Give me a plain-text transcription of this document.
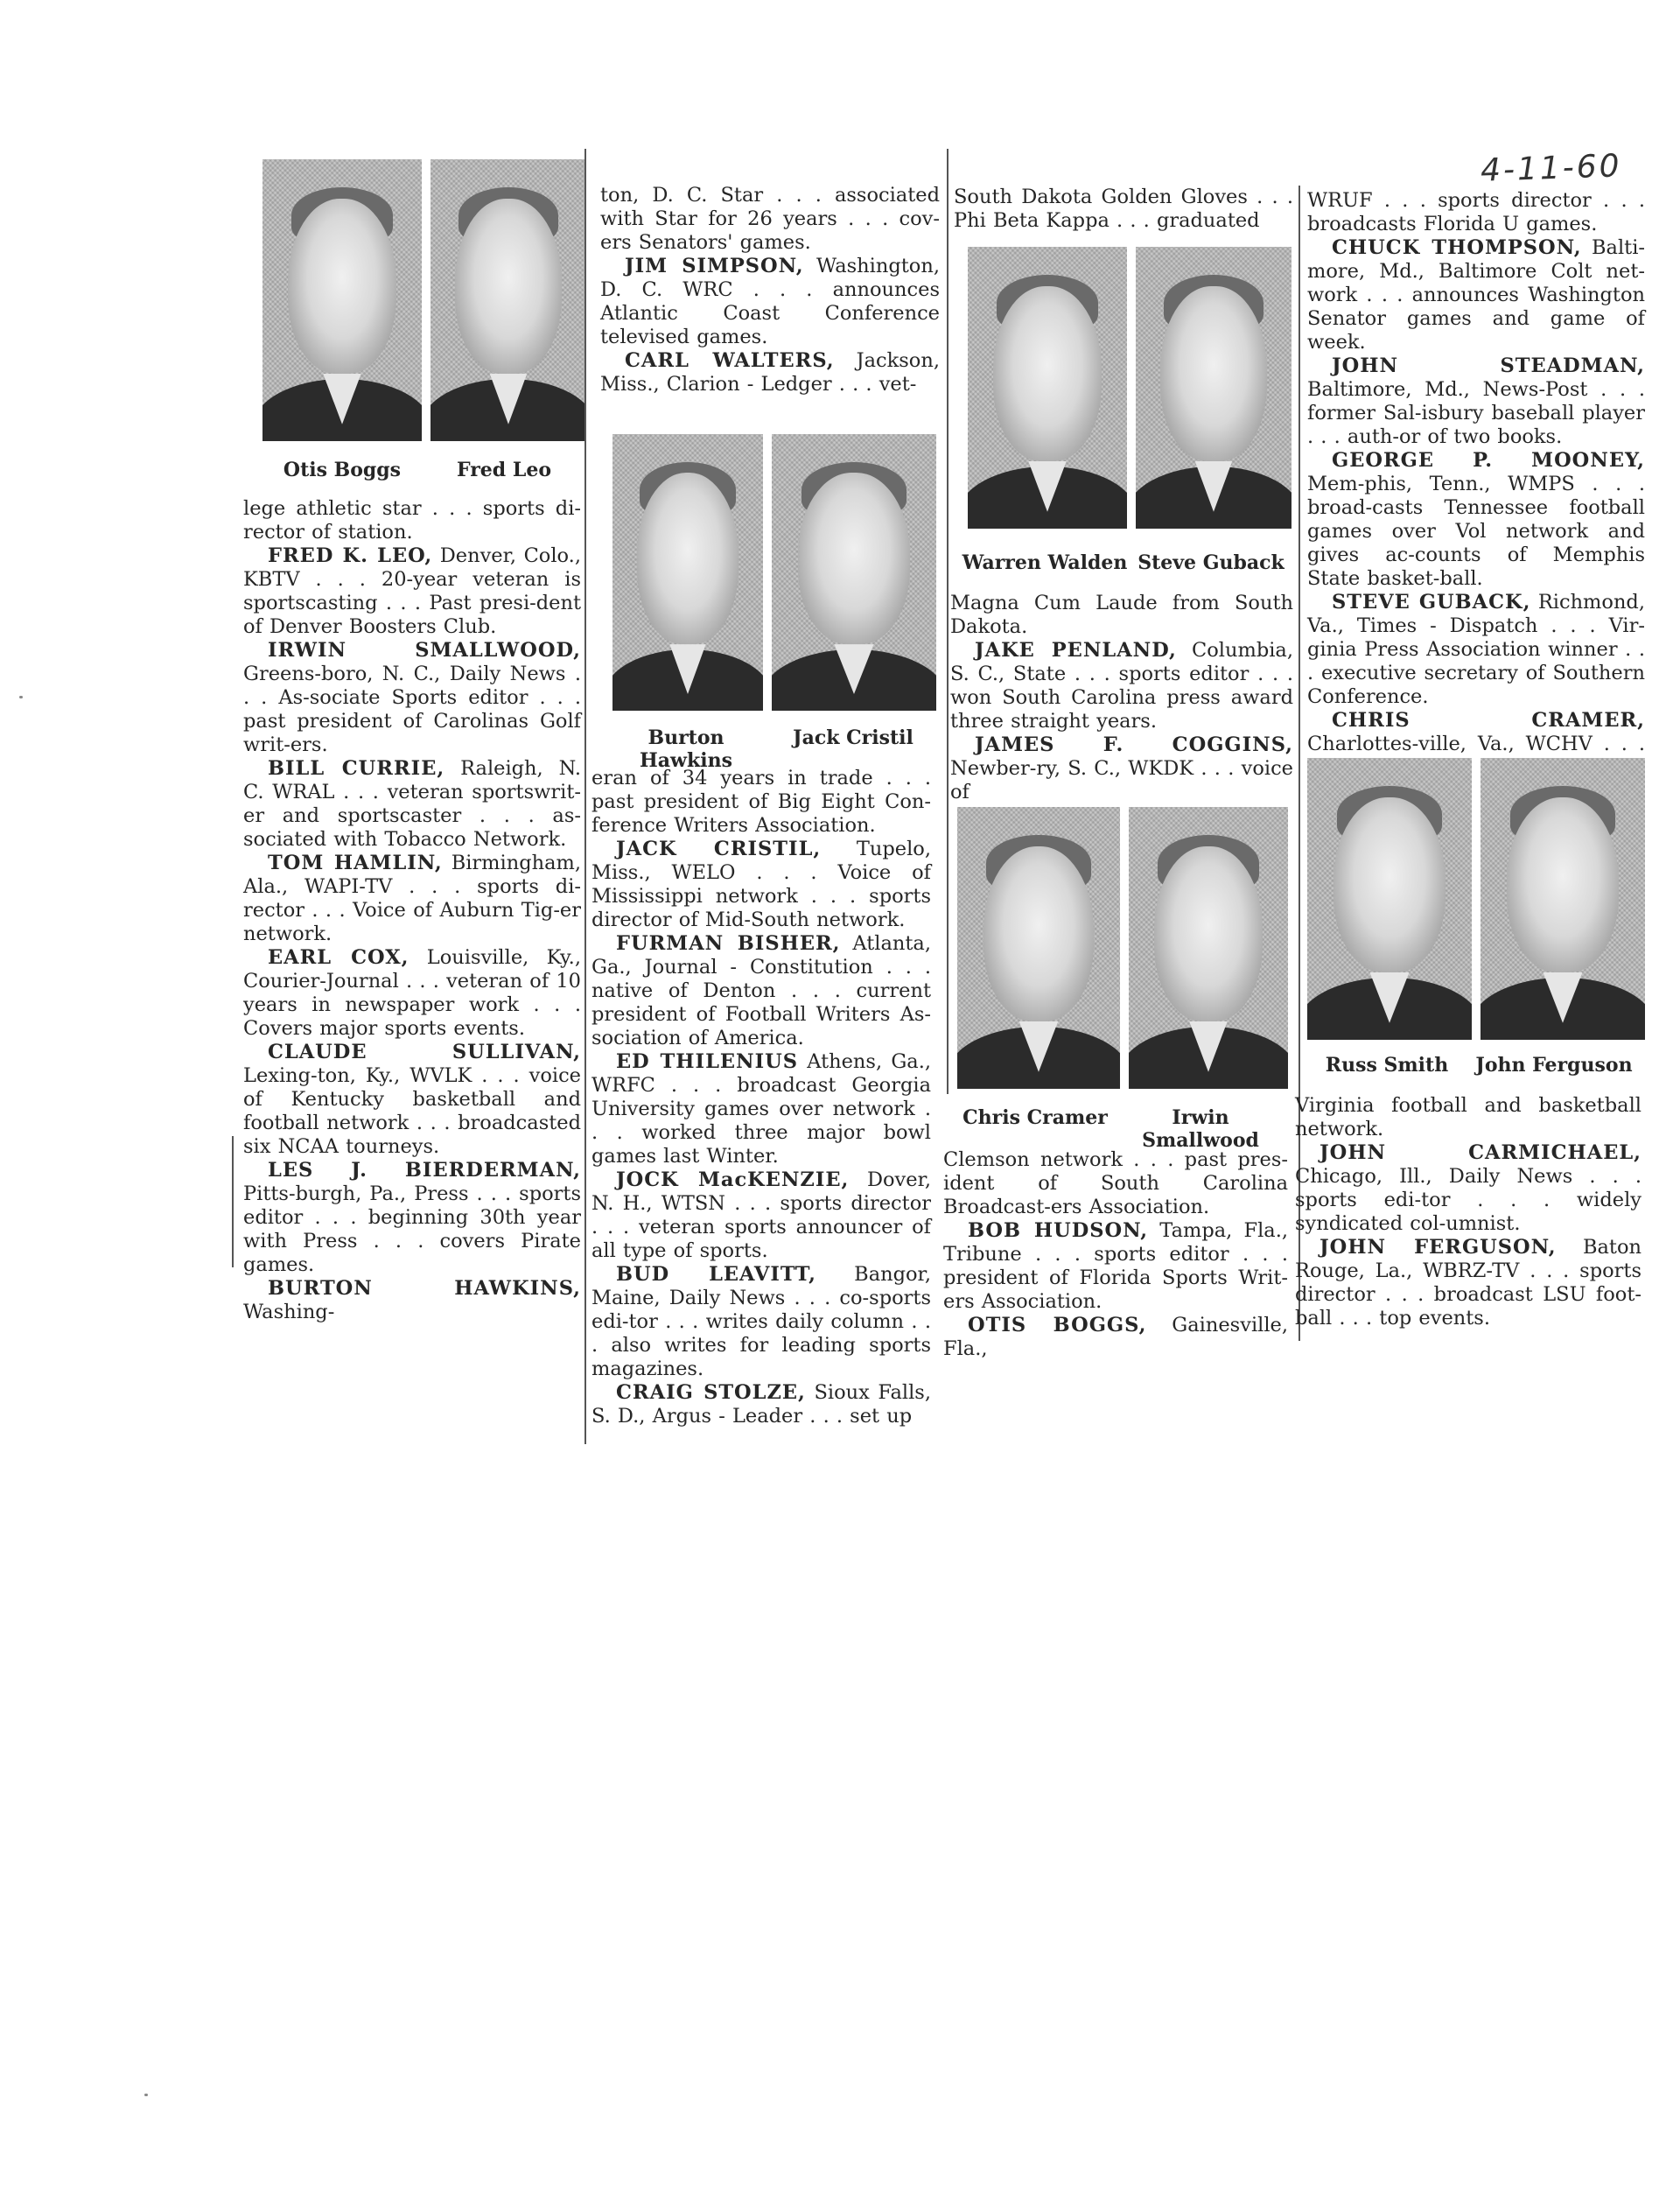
4-11-60
Otis Boggs	Fred Leo

lege athletic star . . . sports di-rector of station.

FRED K. LEO, Denver, Colo., KBTV . . . 20-year veteran is sportscasting . . . Past presi-dent of Denver Boosters Club.

IRWIN SMALLWOOD, Greens-boro, N. C., Daily News . . . As-sociate Sports editor . . . past president of Carolinas Golf writ-ers.

BILL CURRIE, Raleigh, N. C. WRAL . . . veteran sportswrit-er and sportscaster . . . as-sociated with Tobacco Network.

TOM HAMLIN, Birmingham, Ala., WAPI-TV . . . sports di-rector . . . Voice of Auburn Tig-er network.

EARL COX, Louisville, Ky., Courier-Journal . . . veteran of 10 years in newspaper work . . . Covers major sports events.

CLAUDE SULLIVAN, Lexing-ton, Ky., WVLK . . . voice of Kentucky basketball and football network . . . broadcasted six NCAA tourneys.

LES J. BIERDERMAN, Pitts-burgh, Pa., Press . . . sports editor . . . beginning 30th year with Press . . . covers Pirate games.

BURTON HAWKINS, Washing-

ton, D. C. Star . . . associated with Star for 26 years . . . cov-ers Senators' games.

JIM SIMPSON, Washington, D. C. WRC . . . announces Atlantic Coast Conference televised games.

CARL WALTERS, Jackson, Miss., Clarion - Ledger . . . vet-

Burton Hawkins
Jack Cristil

eran of 34 years in trade . . . past president of Big Eight Con-ference Writers Association.

JACK CRISTIL, Tupelo, Miss., WELO . . . Voice of Mississippi network . . . sports director of Mid-South network.

FURMAN BISHER, Atlanta, Ga., Journal - Constitution . . . native of Denton . . . current president of Football Writers As-sociation of America.

ED THILENIUS Athens, Ga., WRFC . . . broadcast Georgia University games over network . . . worked three major bowl games last Winter.

JOCK MacKENZIE, Dover, N. H., WTSN . . . sports director . . . veteran sports announcer of all type of sports.

BUD LEAVITT, Bangor, Maine, Daily News . . . co-sports edi-tor . . . writes daily column . . . also writes for leading sports magazines.

CRAIG STOLZE, Sioux Falls, S. D., Argus - Leader . . . set up

South Dakota Golden Gloves . . . Phi Beta Kappa . . . graduated

Warren Walden Steve Guback

Magna Cum Laude from South Dakota.

JAKE PENLAND, Columbia, S. C., State . . . sports editor . . . won South Carolina press award three straight years.

JAMES F. COGGINS, Newber-ry, S. C., WKDK . . . voice of

Chris Cramer	Irwin Smallwood

Clemson network . . . past pres-ident of South Carolina Broadcast-ers Association.

BOB HUDSON, Tampa, Fla., Tribune . . . sports editor . . . president of Florida Sports Writ-ers Association.

OTIS BOGGS, Gainesville, Fla.,

WRUF . . . sports director . . . broadcasts Florida U games.

CHUCK THOMPSON, Balti-more, Md., Baltimore Colt net-work . . . announces Washington Senator games and game of week.

JOHN STEADMAN, Baltimore, Md., News-Post . . . former Sal-isbury baseball player . . . auth-or of two books.

GEORGE P. MOONEY, Mem-phis, Tenn., WMPS . . . broad-casts Tennessee football games over Vol network and gives ac-counts of Memphis State basket-ball.

STEVE GUBACK, Richmond, Va., Times - Dispatch . . . Vir-ginia Press Association winner . . . executive secretary of Southern Conference.

CHRIS CRAMER, Charlottes-ville, Va., WCHV . . .

Russ Smith	John Ferguson

Virginia football and basketball network.

JOHN CARMICHAEL, Chicago, Ill., Daily News . . . sports edi-tor . . . widely syndicated col-umnist.

JOHN FERGUSON, Baton Rouge, La., WBRZ-TV . . . sports director . . . broadcast LSU foot-ball . . . top events.
